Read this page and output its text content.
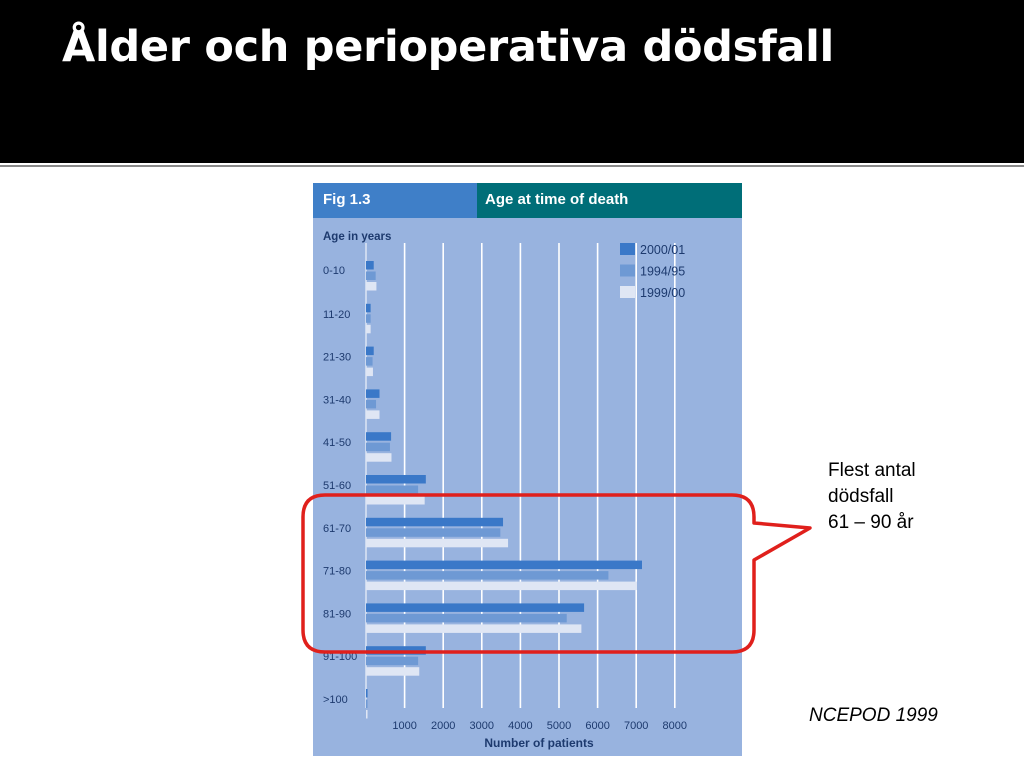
Ålder och perioperativa dödsfall
Fig 1.3	Age at time of death
1000 2000 3000 4000 5000 6000 7000 8000
0-10
11-20
21-30
31-40
41-50
51-60
61-70
71-80
81-90
91-100
>100
2000/01
1994/95
1999/00
Age in years
Number of patients
Flest antal
dödsfall
61 – 90 år
NCEPOD 1999
